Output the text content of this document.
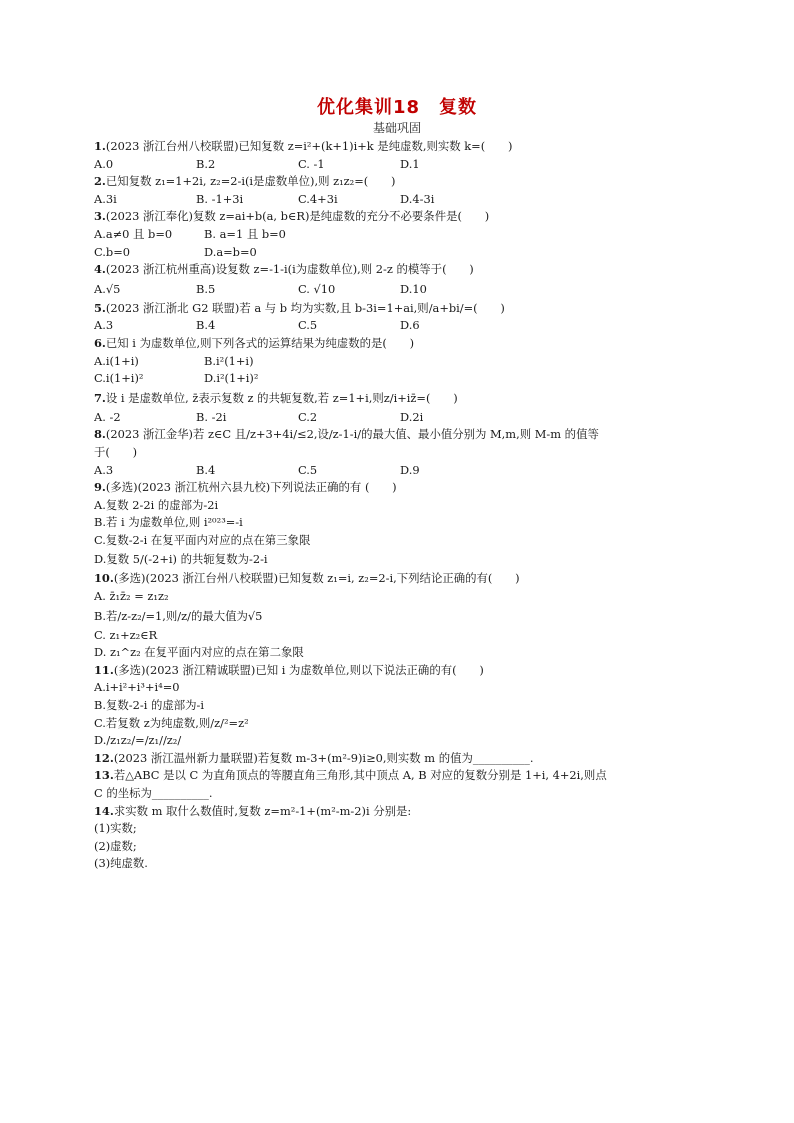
优化集训18　复数
基础巩固
1.(2023 浙江台州八校联盟)已知复数 z=i²+(k+1)i+k 是纯虚数,则实数 k=(　　)
A.0	B.2	C. -1	D.1
2.已知复数 z₁=1+2i, z₂=2-i(i是虚数单位),则 z₁z₂=(　　)
A.3i	B. -1+3i	C.4+3i	D.4-3i
3.(2023 浙江奉化)复数 z=ai+b(a, b∈R)是纯虚数的充分不必要条件是(　　)
A.a≠0 且 b=0	B. a=1 且 b=0
C.b=0	D.a=b=0
4.(2023 浙江杭州重高)设复数 z=-1-i(i为虚数单位),则 2-z 的模等于(　　)
A.√5	B.5	C. √10	D.10
5.(2023 浙江浙北 G2 联盟)若 a 与 b 均为实数,且 b-3i=1+ai,则/a+bi/=(　　)
A.3	B.4	C.5	D.6
6.已知 i 为虚数单位,则下列各式的运算结果为纯虚数的是(　　)
A.i(1+i)	B.i²(1+i)
C.i(1+i)²	D.i²(1+i)²
7.设 i 是虚数单位, z̄表示复数 z 的共轭复数,若 z=1+i,则z/i+iz̄=(　　)
A. -2	B. -2i	C.2	D.2i
8.(2023 浙江金华)若 z∈C 且/z+3+4i/≤2,设/z-1-i/的最大值、最小值分别为 M,m,则 M-m 的值等
于(　　)
A.3	B.4	C.5	D.9
9.(多选)(2023 浙江杭州六县九校)下列说法正确的有 (　　)
A.复数 2-2i 的虚部为-2i
B.若 i 为虚数单位,则 i²⁰²³=-i
C.复数-2-i 在复平面内对应的点在第三象限
D.复数 5/(-2+i) 的共轭复数为-2-i
10.(多选)(2023 浙江台州八校联盟)已知复数 z₁=i, z₂=2-i,下列结论正确的有(　　)
A. z̄₁z̄₂ = z₁z₂
B.若/z-z₂/=1,则/z/的最大值为√5
C. z₁+z₂∈R
D. z₁^z₂ 在复平面内对应的点在第二象限
11.(多选)(2023 浙江精诚联盟)已知 i 为虚数单位,则以下说法正确的有(　　)
A.i+i²+i³+i⁴=0
B.复数-2-i 的虚部为-i
C.若复数 z为纯虚数,则/z/²=z²
D./z₁z₂/=/z₁//z₂/
12.(2023 浙江温州新力量联盟)若复数 m-3+(m²-9)i≥0,则实数 m 的值为__________.
13.若△ABC 是以 C 为直角顶点的等腰直角三角形,其中顶点 A, B 对应的复数分别是 1+i, 4+2i,则点
C 的坐标为__________.
14.求实数 m 取什么数值时,复数 z=m²-1+(m²-m-2)i 分别是:
(1)实数;
(2)虚数;
(3)纯虚数.
